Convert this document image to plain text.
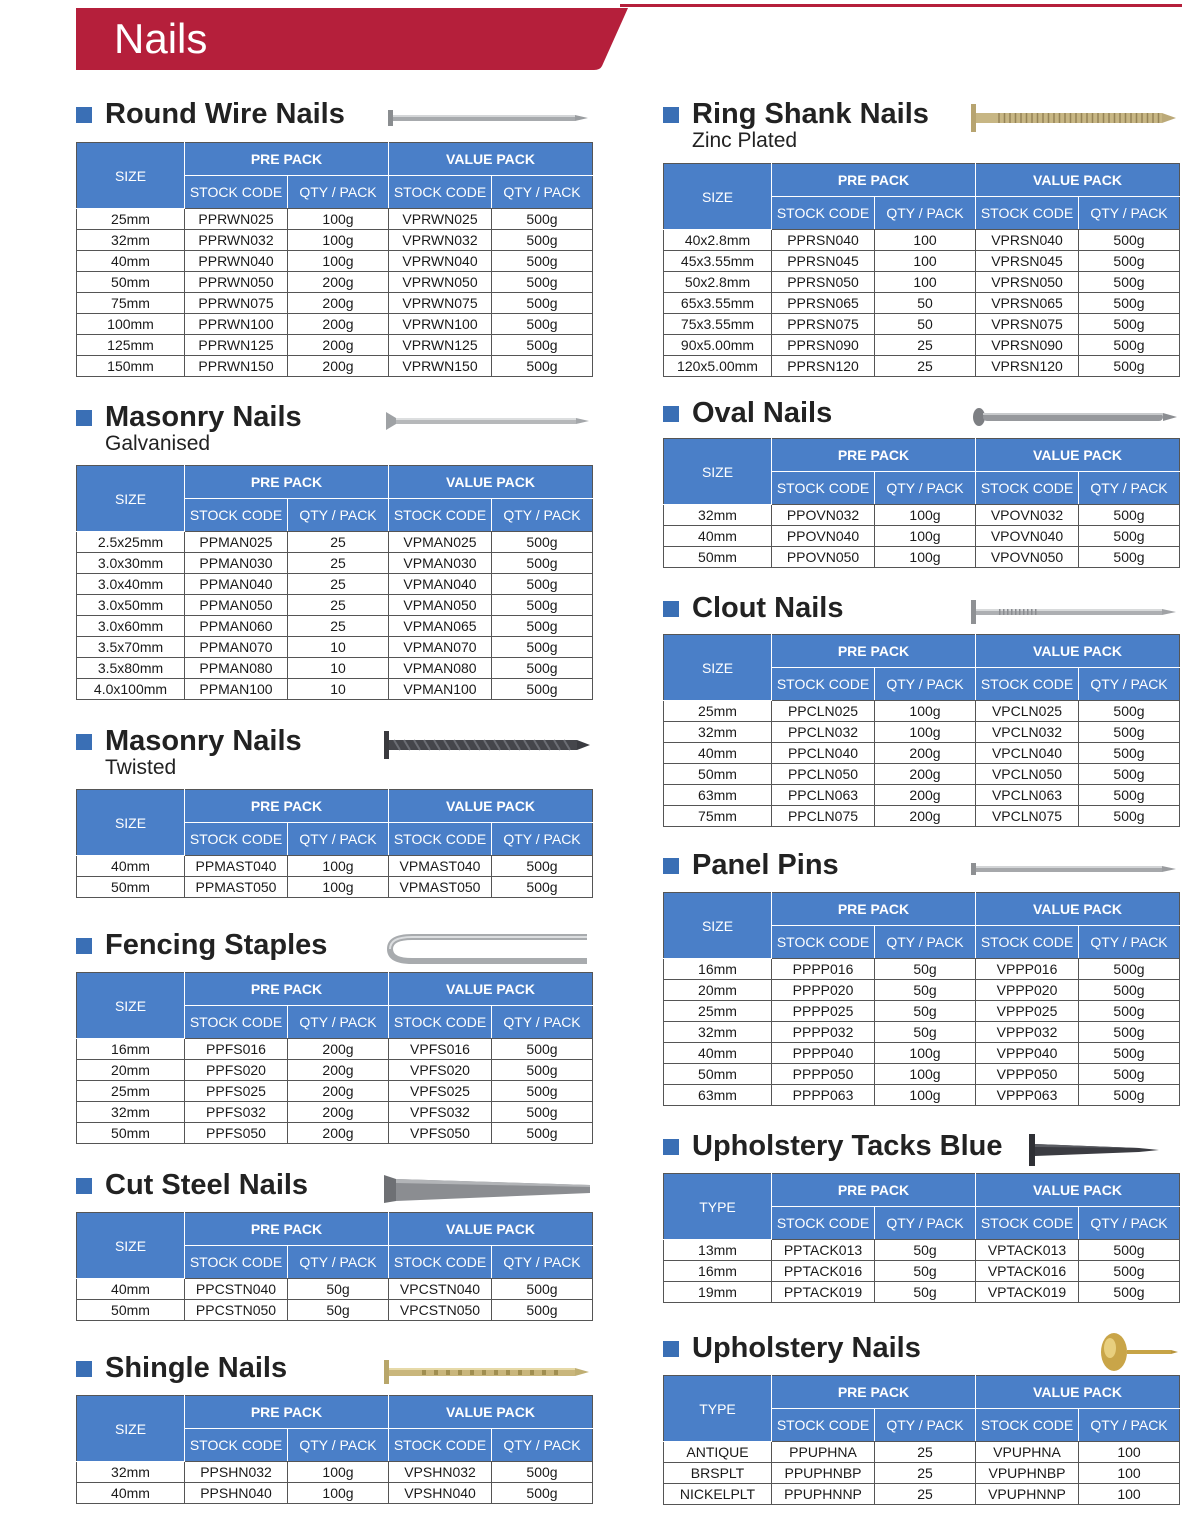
Nails
Round Wire Nails
SIZE	PRE PACK		VALUE PACK	
	STOCK CODE	QTY / PACK	STOCK CODE	QTY / PACK
25mm	PPRWN025	100g	VPRWN025	500g
32mm	PPRWN032	100g	VPRWN032	500g
40mm	PPRWN040	100g	VPRWN040	500g
50mm	PPRWN050	200g	VPRWN050	500g
75mm	PPRWN075	200g	VPRWN075	500g
100mm	PPRWN100	200g	VPRWN100	500g
125mm	PPRWN125	200g	VPRWN125	500g
150mm	PPRWN150	200g	VPRWN150	500g
Masonry Nails
Galvanised
SIZE	PRE PACK		VALUE PACK	
	STOCK CODE	QTY / PACK	STOCK CODE	QTY / PACK
2.5x25mm	PPMAN025	25	VPMAN025	500g
3.0x30mm	PPMAN030	25	VPMAN030	500g
3.0x40mm	PPMAN040	25	VPMAN040	500g
3.0x50mm	PPMAN050	25	VPMAN050	500g
3.0x60mm	PPMAN060	25	VPMAN065	500g
3.5x70mm	PPMAN070	10	VPMAN070	500g
3.5x80mm	PPMAN080	10	VPMAN080	500g
4.0x100mm	PPMAN100	10	VPMAN100	500g
Masonry Nails
Twisted
SIZE	PRE PACK		VALUE PACK	
	STOCK CODE	QTY / PACK	STOCK CODE	QTY / PACK
40mm	PPMAST040	100g	VPMAST040	500g
50mm	PPMAST050	100g	VPMAST050	500g
Fencing Staples
SIZE	PRE PACK		VALUE PACK	
	STOCK CODE	QTY / PACK	STOCK CODE	QTY / PACK
16mm	PPFS016	200g	VPFS016	500g
20mm	PPFS020	200g	VPFS020	500g
25mm	PPFS025	200g	VPFS025	500g
32mm	PPFS032	200g	VPFS032	500g
50mm	PPFS050	200g	VPFS050	500g
Cut Steel Nails
SIZE	PRE PACK		VALUE PACK	
	STOCK CODE	QTY / PACK	STOCK CODE	QTY / PACK
40mm	PPCSTN040	50g	VPCSTN040	500g
50mm	PPCSTN050	50g	VPCSTN050	500g
Shingle Nails
SIZE	PRE PACK		VALUE PACK	
	STOCK CODE	QTY / PACK	STOCK CODE	QTY / PACK
32mm	PPSHN032	100g	VPSHN032	500g
40mm	PPSHN040	100g	VPSHN040	500g
Ring Shank Nails
Zinc Plated
SIZE	PRE PACK		VALUE PACK	
	STOCK CODE	QTY / PACK	STOCK CODE	QTY / PACK
40x2.8mm	PPRSN040	100	VPRSN040	500g
45x3.55mm	PPRSN045	100	VPRSN045	500g
50x2.8mm	PPRSN050	100	VPRSN050	500g
65x3.55mm	PPRSN065	50	VPRSN065	500g
75x3.55mm	PPRSN075	50	VPRSN075	500g
90x5.00mm	PPRSN090	25	VPRSN090	500g
120x5.00mm	PPRSN120	25	VPRSN120	500g
Oval Nails
SIZE	PRE PACK		VALUE PACK	
	STOCK CODE	QTY / PACK	STOCK CODE	QTY / PACK
32mm	PPOVN032	100g	VPOVN032	500g
40mm	PPOVN040	100g	VPOVN040	500g
50mm	PPOVN050	100g	VPOVN050	500g
Clout Nails
SIZE	PRE PACK		VALUE PACK	
	STOCK CODE	QTY / PACK	STOCK CODE	QTY / PACK
25mm	PPCLN025	100g	VPCLN025	500g
32mm	PPCLN032	100g	VPCLN032	500g
40mm	PPCLN040	200g	VPCLN040	500g
50mm	PPCLN050	200g	VPCLN050	500g
63mm	PPCLN063	200g	VPCLN063	500g
75mm	PPCLN075	200g	VPCLN075	500g
Panel Pins
SIZE	PRE PACK		VALUE PACK	
	STOCK CODE	QTY / PACK	STOCK CODE	QTY / PACK
16mm	PPPP016	50g	VPPP016	500g
20mm	PPPP020	50g	VPPP020	500g
25mm	PPPP025	50g	VPPP025	500g
32mm	PPPP032	50g	VPPP032	500g
40mm	PPPP040	100g	VPPP040	500g
50mm	PPPP050	100g	VPPP050	500g
63mm	PPPP063	100g	VPPP063	500g
Upholstery Tacks Blue
TYPE	PRE PACK		VALUE PACK	
	STOCK CODE	QTY / PACK	STOCK CODE	QTY / PACK
13mm	PPTACK013	50g	VPTACK013	500g
16mm	PPTACK016	50g	VPTACK016	500g
19mm	PPTACK019	50g	VPTACK019	500g
Upholstery Nails
TYPE	PRE PACK		VALUE PACK	
	STOCK CODE	QTY / PACK	STOCK CODE	QTY / PACK
ANTIQUE	PPUPHNA	25	VPUPHNA	100
BRSPLT	PPUPHNBP	25	VPUPHNBP	100
NICKELPLT	PPUPHNNP	25	VPUPHNNP	100
